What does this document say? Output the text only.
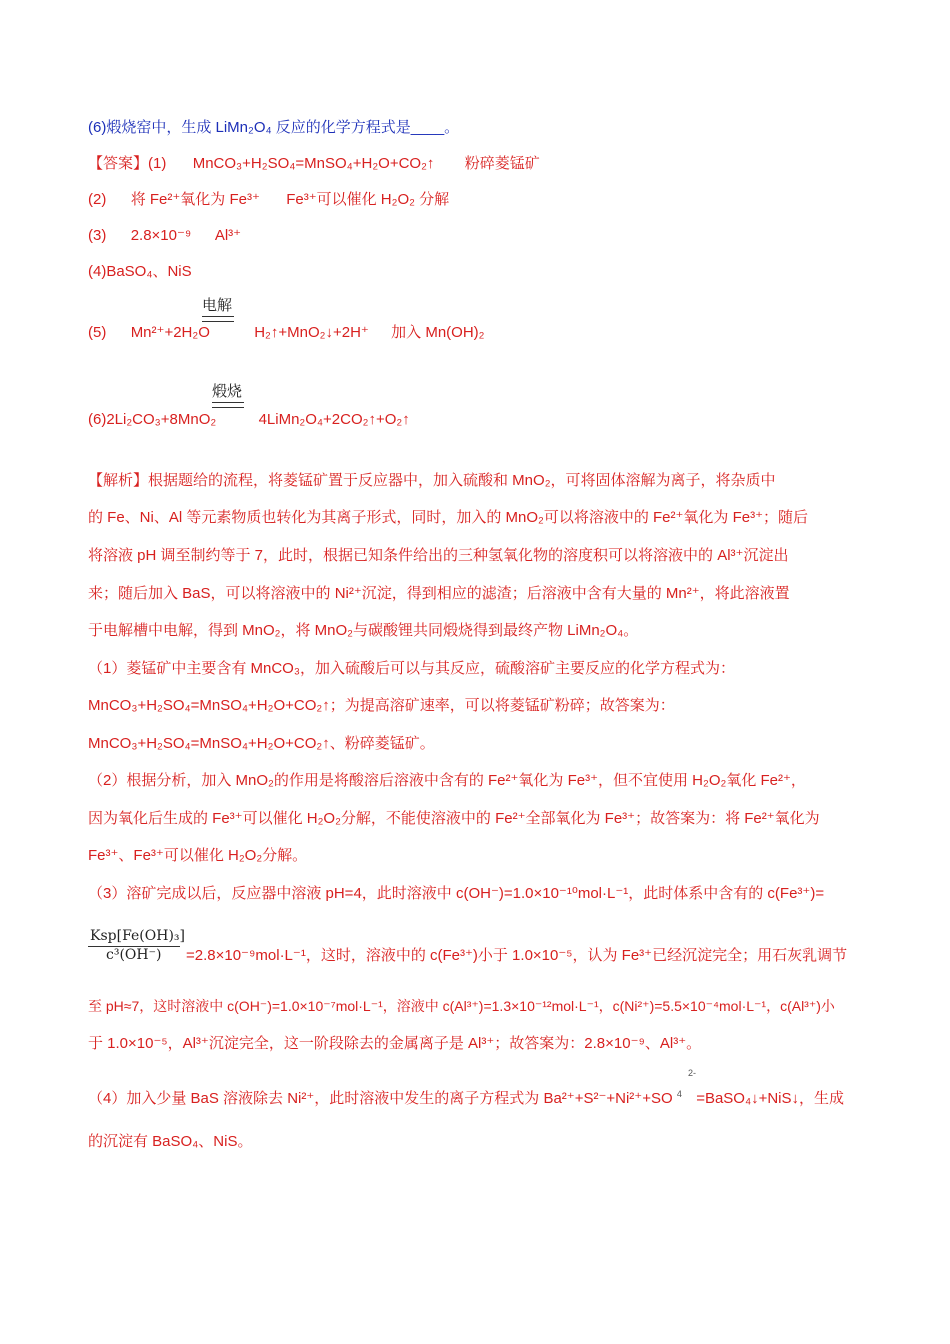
(6)煅烧窑中，生成 LiMn₂O₄ 反应的化学方程式是____。
【答案】(1) MnCO₃+H₂SO₄=MnSO₄+H₂O+CO₂↑ 粉碎菱锰矿
(2) 将 Fe²⁺氧化为 Fe³⁺ Fe³⁺可以催化 H₂O₂ 分解
(3) 2.8×10⁻⁹ Al³⁺
(4)BaSO₄、NiS
电解
(5) Mn²⁺+2H₂O	H₂↑+MnO₂↓+2H⁺ 加入 Mn(OH)₂
煅烧
(6)2Li₂CO₃+8MnO₂	4LiMn₂O₄+2CO₂↑+O₂↑
【解析】根据题给的流程，将菱锰矿置于反应器中，加入硫酸和 MnO₂，可将固体溶解为离子，将杂质中
的 Fe、Ni、Al 等元素物质也转化为其离子形式，同时，加入的 MnO₂可以将溶液中的 Fe²⁺氧化为 Fe³⁺；随后
将溶液 pH 调至制约等于 7，此时，根据已知条件给出的三种氢氧化物的溶度积可以将溶液中的 Al³⁺沉淀出
来；随后加入 BaS，可以将溶液中的 Ni²⁺沉淀，得到相应的滤渣；后溶液中含有大量的 Mn²⁺，将此溶液置
于电解槽中电解，得到 MnO₂，将 MnO₂与碳酸锂共同煅烧得到最终产物 LiMn₂O₄。
（1）菱锰矿中主要含有 MnCO₃，加入硫酸后可以与其反应，硫酸溶矿主要反应的化学方程式为：
MnCO₃+H₂SO₄=MnSO₄+H₂O+CO₂↑；为提高溶矿速率，可以将菱锰矿粉碎；故答案为：
MnCO₃+H₂SO₄=MnSO₄+H₂O+CO₂↑、粉碎菱锰矿。
（2）根据分析，加入 MnO₂的作用是将酸溶后溶液中含有的 Fe²⁺氧化为 Fe³⁺，但不宜使用 H₂O₂氧化 Fe²⁺，
因为氧化后生成的 Fe³⁺可以催化 H₂O₂分解，不能使溶液中的 Fe²⁺全部氧化为 Fe³⁺；故答案为：将 Fe²⁺氧化为
Fe³⁺、Fe³⁺可以催化 H₂O₂分解。
（3）溶矿完成以后，反应器中溶液 pH=4，此时溶液中 c(OH⁻)=1.0×10⁻¹⁰mol·L⁻¹，此时体系中含有的 c(Fe³⁺)=
Ksp[Fe(OH)₃]
c³(OH⁻)	=2.8×10⁻⁹mol·L⁻¹，这时，溶液中的 c(Fe³⁺)小于 1.0×10⁻⁵，认为 Fe³⁺已经沉淀完全；用石灰乳调节
至 pH≈7，这时溶液中 c(OH⁻)=1.0×10⁻⁷mol·L⁻¹，溶液中 c(Al³⁺)=1.3×10⁻¹²mol·L⁻¹，c(Ni²⁺)=5.5×10⁻⁴mol·L⁻¹，c(Al³⁺)小
于 1.0×10⁻⁵，Al³⁺沉淀完全，这一阶段除去的金属离子是 Al³⁺；故答案为：2.8×10⁻⁹、Al³⁺。
2-
（4）加入少量 BaS 溶液除去 Ni²⁺，此时溶液中发生的离子方程式为 Ba²⁺+S²⁻+Ni²⁺+SO $^4$ =BaSO₄↓+NiS↓，生成
的沉淀有 BaSO₄、NiS。
